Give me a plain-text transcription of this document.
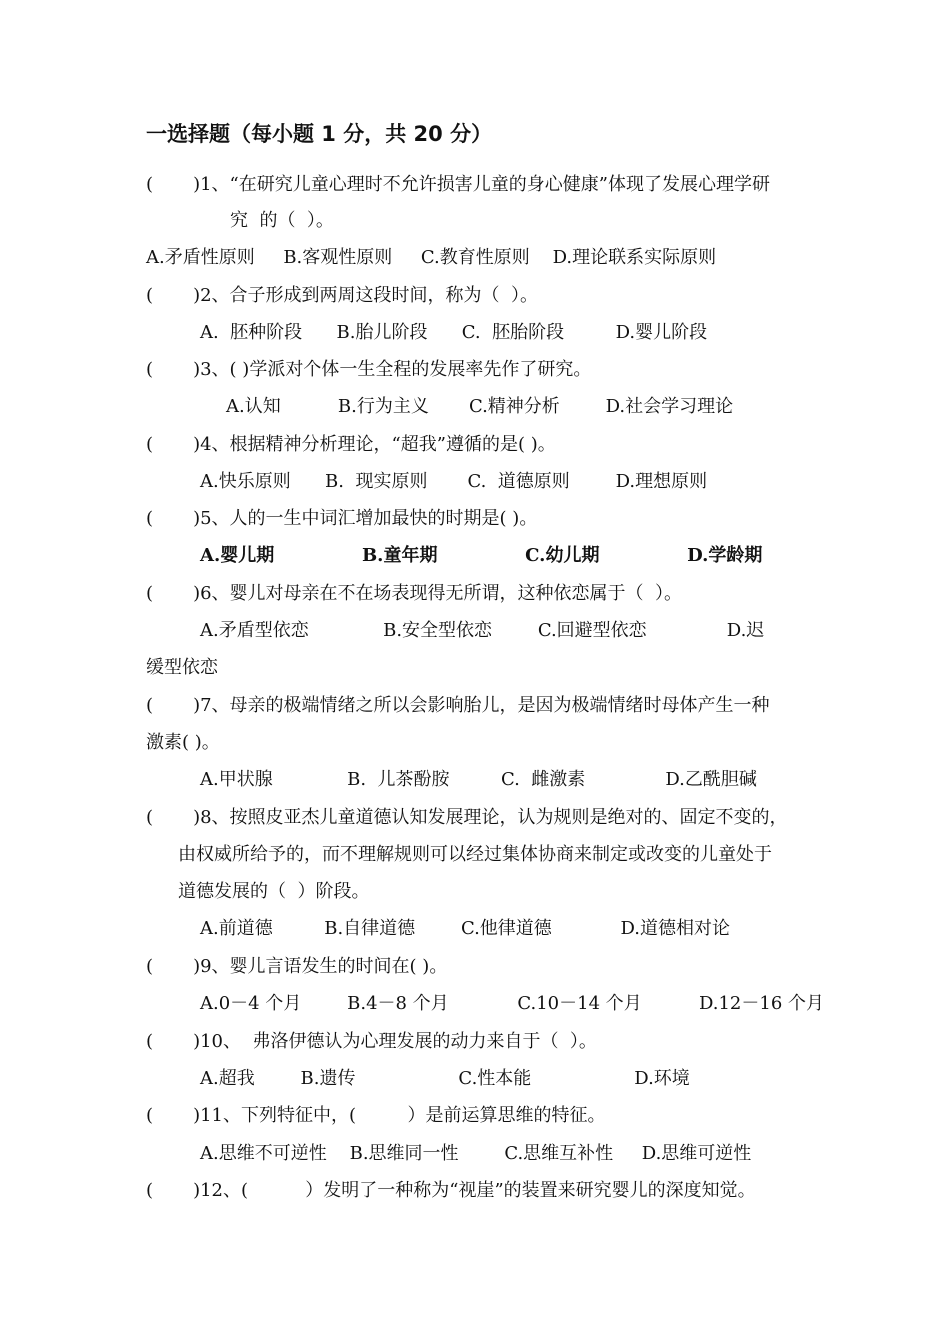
一选择题（每小题 1 分，共 20 分）
(       )1、“在研究儿童心理时不允许损害儿童的身心健康”体现了发展心理学研
究  的（  ）。
A.矛盾性原则     B.客观性原则     C.教育性原则    D.理论联系实际原则
(       )2、合子形成到两周这段时间，称为（  ）。
A.  胚种阶段      B.胎儿阶段      C.  胚胎阶段         D.婴儿阶段
(       )3、( )学派对个体一生全程的发展率先作了研究。
A.认知          B.行为主义       C.精神分析        D.社会学习理论
(       )4、根据精神分析理论，“超我”遵循的是( )。
A.快乐原则      B.  现实原则       C.  道德原则        D.理想原则
(       )5、人的一生中词汇增加最快的时期是( )。
A.婴儿期              B.童年期              C.幼儿期              D.学龄期
(       )6、婴儿对母亲在不在场表现得无所谓，这种依恋属于（  ）。
A.矛盾型依恋             B.安全型依恋        C.回避型依恋              D.迟
缓型依恋
(       )7、母亲的极端情绪之所以会影响胎儿，是因为极端情绪时母体产生一种
激素( )。
A.甲状腺             B.  儿茶酚胺         C.  雌激素              D.乙酰胆碱
(       )8、按照皮亚杰儿童道德认知发展理论，认为规则是绝对的、固定不变的，
由权威所给予的，而不理解规则可以经过集体协商来制定或改变的儿童处于
道德发展的（  ）阶段。
A.前道德         B.自律道德        C.他律道德            D.道德相对论
(       )9、婴儿言语发生的时间在( )。
A.0－4 个月        B.4－8 个月            C.10－14 个月          D.12－16 个月
(       )10、  弗洛伊德认为心理发展的动力来自于（  ）。
A.超我        B.遗传                  C.性本能                  D.环境
(       )11、下列特征中，(         ）是前运算思维的特征。
A.思维不可逆性    B.思维同一性        C.思维互补性     D.思维可逆性
(       )12、(          ）发明了一种称为“视崖”的装置来研究婴儿的深度知觉。
